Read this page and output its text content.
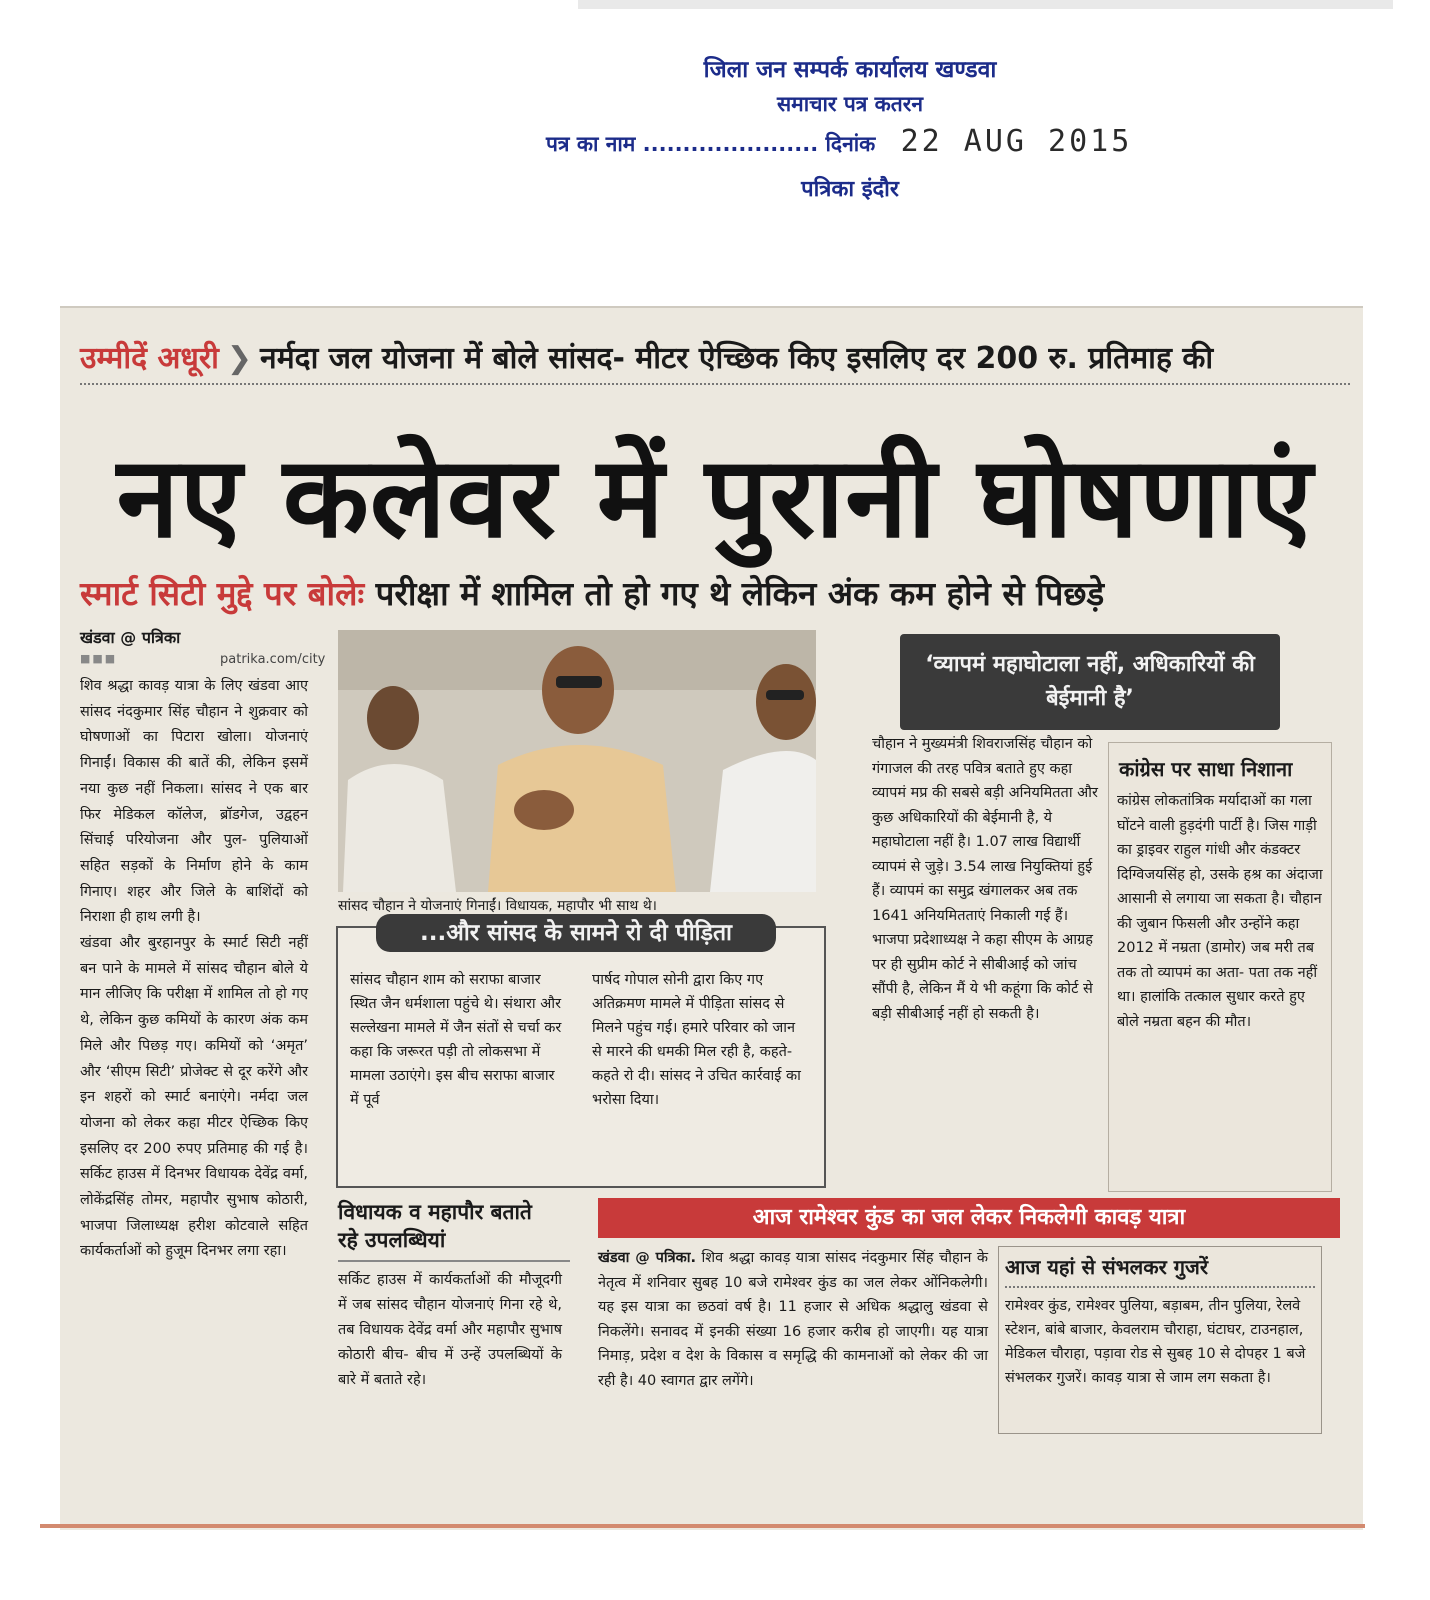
जिला जन सम्पर्क कार्यालय खण्डवा
समाचार पत्र कतरन
पत्र का नाम ...................... दिनांक 22 AUG 2015
पत्रिका इंदौर
उम्मीदें अधूरी ❯ नर्मदा जल योजना में बोले सांसद- मीटर ऐच्छिक किए इसलिए दर 200 रु. प्रतिमाह की
नए कलेवर में पुरानी घोषणाएं
स्मार्ट सिटी मुद्दे पर बोलेः परीक्षा में शामिल तो हो गए थे लेकिन अंक कम होने से पिछड़े
खंडवा @ पत्रिका
■■■	patrika.com/city

शिव श्रद्धा कावड़ यात्रा के लिए खंडवा आए सांसद नंदकुमार सिंह चौहान ने शुक्रवार को घोषणाओं का पिटारा खोला। योजनाएं गिनाईं। विकास की बातें की, लेकिन इसमें नया कुछ नहीं निकला। सांसद ने एक बार फिर मेडिकल कॉलेज, ब्रॉडगेज, उद्वहन सिंचाई परियोजना और पुल- पुलियाओं सहित सड़कों के निर्माण होने के काम गिनाए। शहर और जिले के बाशिंदों को निराशा ही हाथ लगी है।
खंडवा और बुरहानपुर के स्मार्ट सिटी नहीं बन पाने के मामले में सांसद चौहान बोले ये मान लीजिए कि परीक्षा में शामिल तो हो गए थे, लेकिन कुछ कमियों के कारण अंक कम मिले और पिछड़ गए। कमियों को ‘अमृत’ और ‘सीएम सिटी’ प्रोजेक्ट से दूर करेंगे और इन शहरों को स्मार्ट बनाएंगे। नर्मदा जल योजना को लेकर कहा मीटर ऐच्छिक किए इसलिए दर 200 रुपए प्रतिमाह की गई है। सर्किट हाउस में दिनभर विधायक देवेंद्र वर्मा, लोकेंद्रसिंह तोमर, महापौर सुभाष कोठारी, भाजपा जिलाध्यक्ष हरीश कोटवाले सहित कार्यकर्ताओं को हुजूम दिनभर लगा रहा।

सांसद चौहान ने योजनाएं गिनाईं। विधायक, महापौर भी साथ थे।
...और सांसद के सामने रो दी पीड़िता

सांसद चौहान शाम को सराफा बाजार स्थित जैन धर्मशाला पहुंचे थे। संथारा और सल्लेखना मामले में जैन संतों से चर्चा कर कहा कि जरूरत पड़ी तो लोकसभा में मामला उठाएंगे। इस बीच सराफा बाजार में पूर्व

पार्षद गोपाल सोनी द्वारा किए गए अतिक्रमण मामले में पीड़िता सांसद से मिलने पहुंच गई। हमारे परिवार को जान से मारने की धमकी मिल रही है, कहते-कहते रो दी। सांसद ने उचित कार्रवाई का भरोसा दिया।

विधायक व महापौर बताते रहे उपलब्धियां

सर्किट हाउस में कार्यकर्ताओं की मौजूदगी में जब सांसद चौहान योजनाएं गिना रहे थे, तब विधायक देवेंद्र वर्मा और महापौर सुभाष कोठारी बीच- बीच में उन्हें उपलब्धियों के बारे में बताते रहे।

‘व्यापमं महाघोटाला नहीं, अधिकारियों की बेईमानी है’

चौहान ने मुख्यमंत्री शिवराजसिंह चौहान को गंगाजल की तरह पवित्र बताते हुए कहा व्यापमं मप्र की सबसे बड़ी अनियमितता और कुछ अधिकारियों की बेईमानी है, ये महाघोटाला नहीं है। 1.07 लाख विद्यार्थी व्यापमं से जुड़े। 3.54 लाख नियुक्तियां हुई हैं। व्यापमं का समुद्र खंगालकर अब तक 1641 अनियमितताएं निकाली गई हैं। भाजपा प्रदेशाध्यक्ष ने कहा सीएम के आग्रह पर ही सुप्रीम कोर्ट ने सीबीआई को जांच सौंपी है, लेकिन मैं ये भी कहूंगा कि कोर्ट से बड़ी सीबीआई नहीं हो सकती है।

कांग्रेस पर साधा निशाना

कांग्रेस लोकतांत्रिक मर्यादाओं का गला घोंटने वाली हुड़दंगी पार्टी है। जिस गाड़ी का ड्राइवर राहुल गांधी और कंडक्टर दिग्विजयसिंह हो, उसके हश्र का अंदाजा आसानी से लगाया जा सकता है। चौहान की जुबान फिसली और उन्होंने कहा 2012 में नम्रता (डामोर) जब मरी तब तक तो व्यापमं का अता- पता तक नहीं था। हालांकि तत्काल सुधार करते हुए बोले नम्रता बहन की मौत।

आज रामेश्वर कुंड का जल लेकर निकलेगी कावड़ यात्रा

खंडवा @ पत्रिका. शिव श्रद्धा कावड़ यात्रा सांसद नंदकुमार सिंह चौहान के नेतृत्व में शनिवार सुबह 10 बजे रामेश्वर कुंड का जल लेकर ओंनिकलेगी। यह इस यात्रा का छठवां वर्ष है। 11 हजार से अधिक श्रद्धालु खंडवा से निकलेंगे। सनावद में इनकी संख्या 16 हजार करीब हो जाएगी। यह यात्रा निमाड़, प्रदेश व देश के विकास व समृद्धि की कामनाओं को लेकर की जा रही है। 40 स्वागत द्वार लगेंगे।

आज यहां से संभलकर गुजरें

रामेश्वर कुंड, रामेश्वर पुलिया, बड़ाबम, तीन पुलिया, रेलवे स्टेशन, बांबे बाजार, केवलराम चौराहा, घंटाघर, टाउनहाल, मेडिकल चौराहा, पड़ावा रोड से सुबह 10 से दोपहर 1 बजे संभलकर गुजरें। कावड़ यात्रा से जाम लग सकता है।
